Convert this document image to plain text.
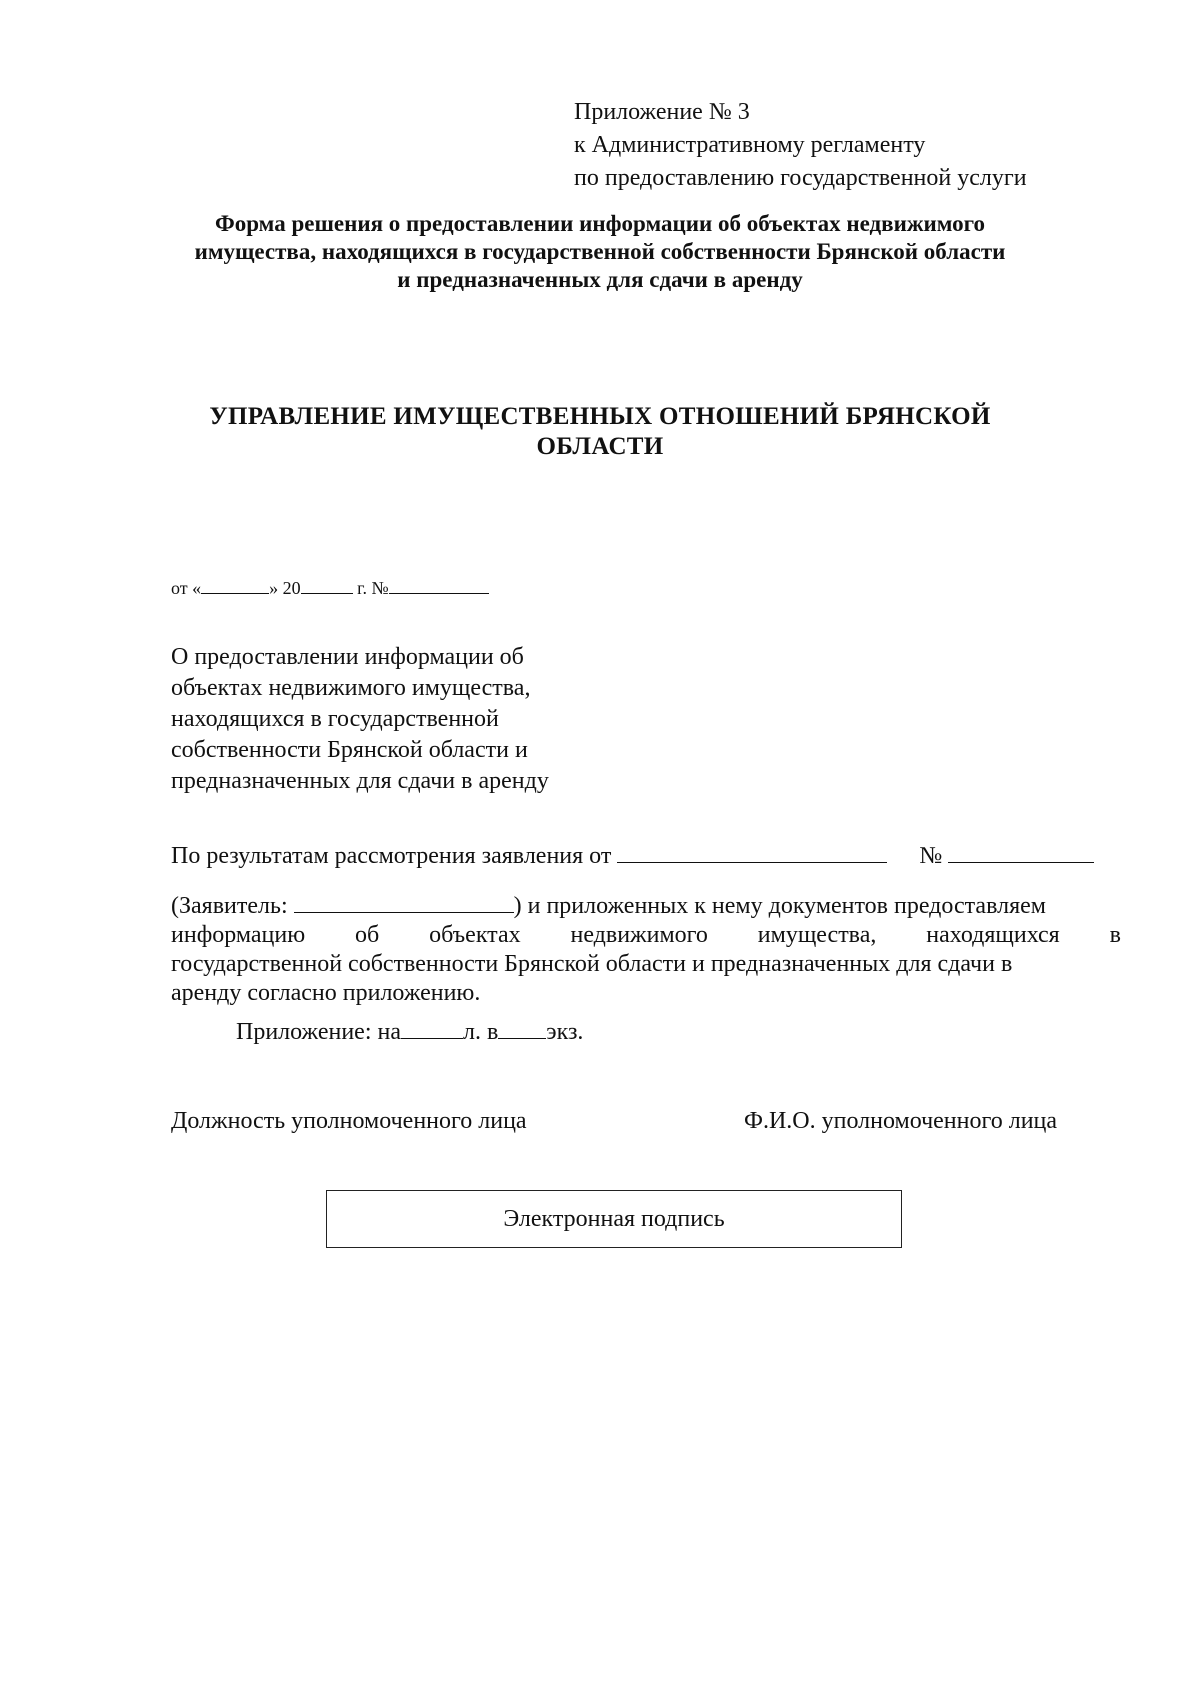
Приложение № 3
к Административному регламенту
по предоставлению государственной услуги
Форма решения о предоставлении информации об объектах недвижимого
имущества, находящихся в государственной собственности Брянской области
и предназначенных для сдачи в аренду
УПРАВЛЕНИЕ ИМУЩЕСТВЕННЫХ ОТНОШЕНИЙ БРЯНСКОЙ
ОБЛАСТИ
от «	» 20	г. №
О предоставлении информации об
объектах недвижимого имущества,
находящихся в государственной
собственности Брянской области и
предназначенных для сдачи в аренду
По результатам рассмотрения заявления от	№
(Заявитель:	) и приложенных к нему документов предоставляем
информацию об объектах недвижимого имущества, находящихся в
государственной собственности Брянской области и предназначенных для сдачи в
аренду согласно приложению.
Приложение: на	л. в экз.
Должность уполномоченного лица	Ф.И.О. уполномоченного лица
Электронная подпись
